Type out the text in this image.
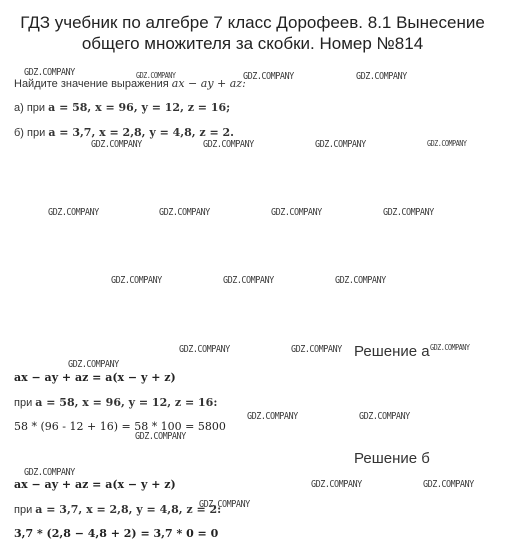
ГДЗ учебник по алгебре 7 класс Дорофеев. 8.1 Вынесение
общего множителя за скобки. Номер №814
Найдите значение выражения ax − ay + az:
а) при a = 58, x = 96, y = 12, z = 16;
б) при a = 3,7, x = 2,8, y = 4,8, z = 2.
Решение а
ax − ay + az = a(x − y + z)
при a = 58, x = 96, y = 12, z = 16:
58 * (96 - 12 + 16) = 58 * 100 = 5800
Решение б
ax − ay + az = a(x − y + z)
при a = 3,7, x = 2,8, y = 4,8, z = 2:
3,7 * (2,8 − 4,8 + 2) = 3,7 * 0 = 0
GDZ.COMPANY	GDZ.COMPANY	GDZ.COMPANY	GDZ.COMPANY
GDZ.COMPANY	GDZ.COMPANY	GDZ.COMPANY	GDZ.COMPANY
GDZ.COMPANY	GDZ.COMPANY	GDZ.COMPANY	GDZ.COMPANY
GDZ.COMPANY	GDZ.COMPANY	GDZ.COMPANY
GDZ.COMPANY	GDZ.COMPANY	GDZ.COMPANY
GDZ.COMPANY
GDZ.COMPANY	GDZ.COMPANY
GDZ.COMPANY
GDZ.COMPANY
GDZ.COMPANY	GDZ.COMPANY
GDZ.COMPANY
